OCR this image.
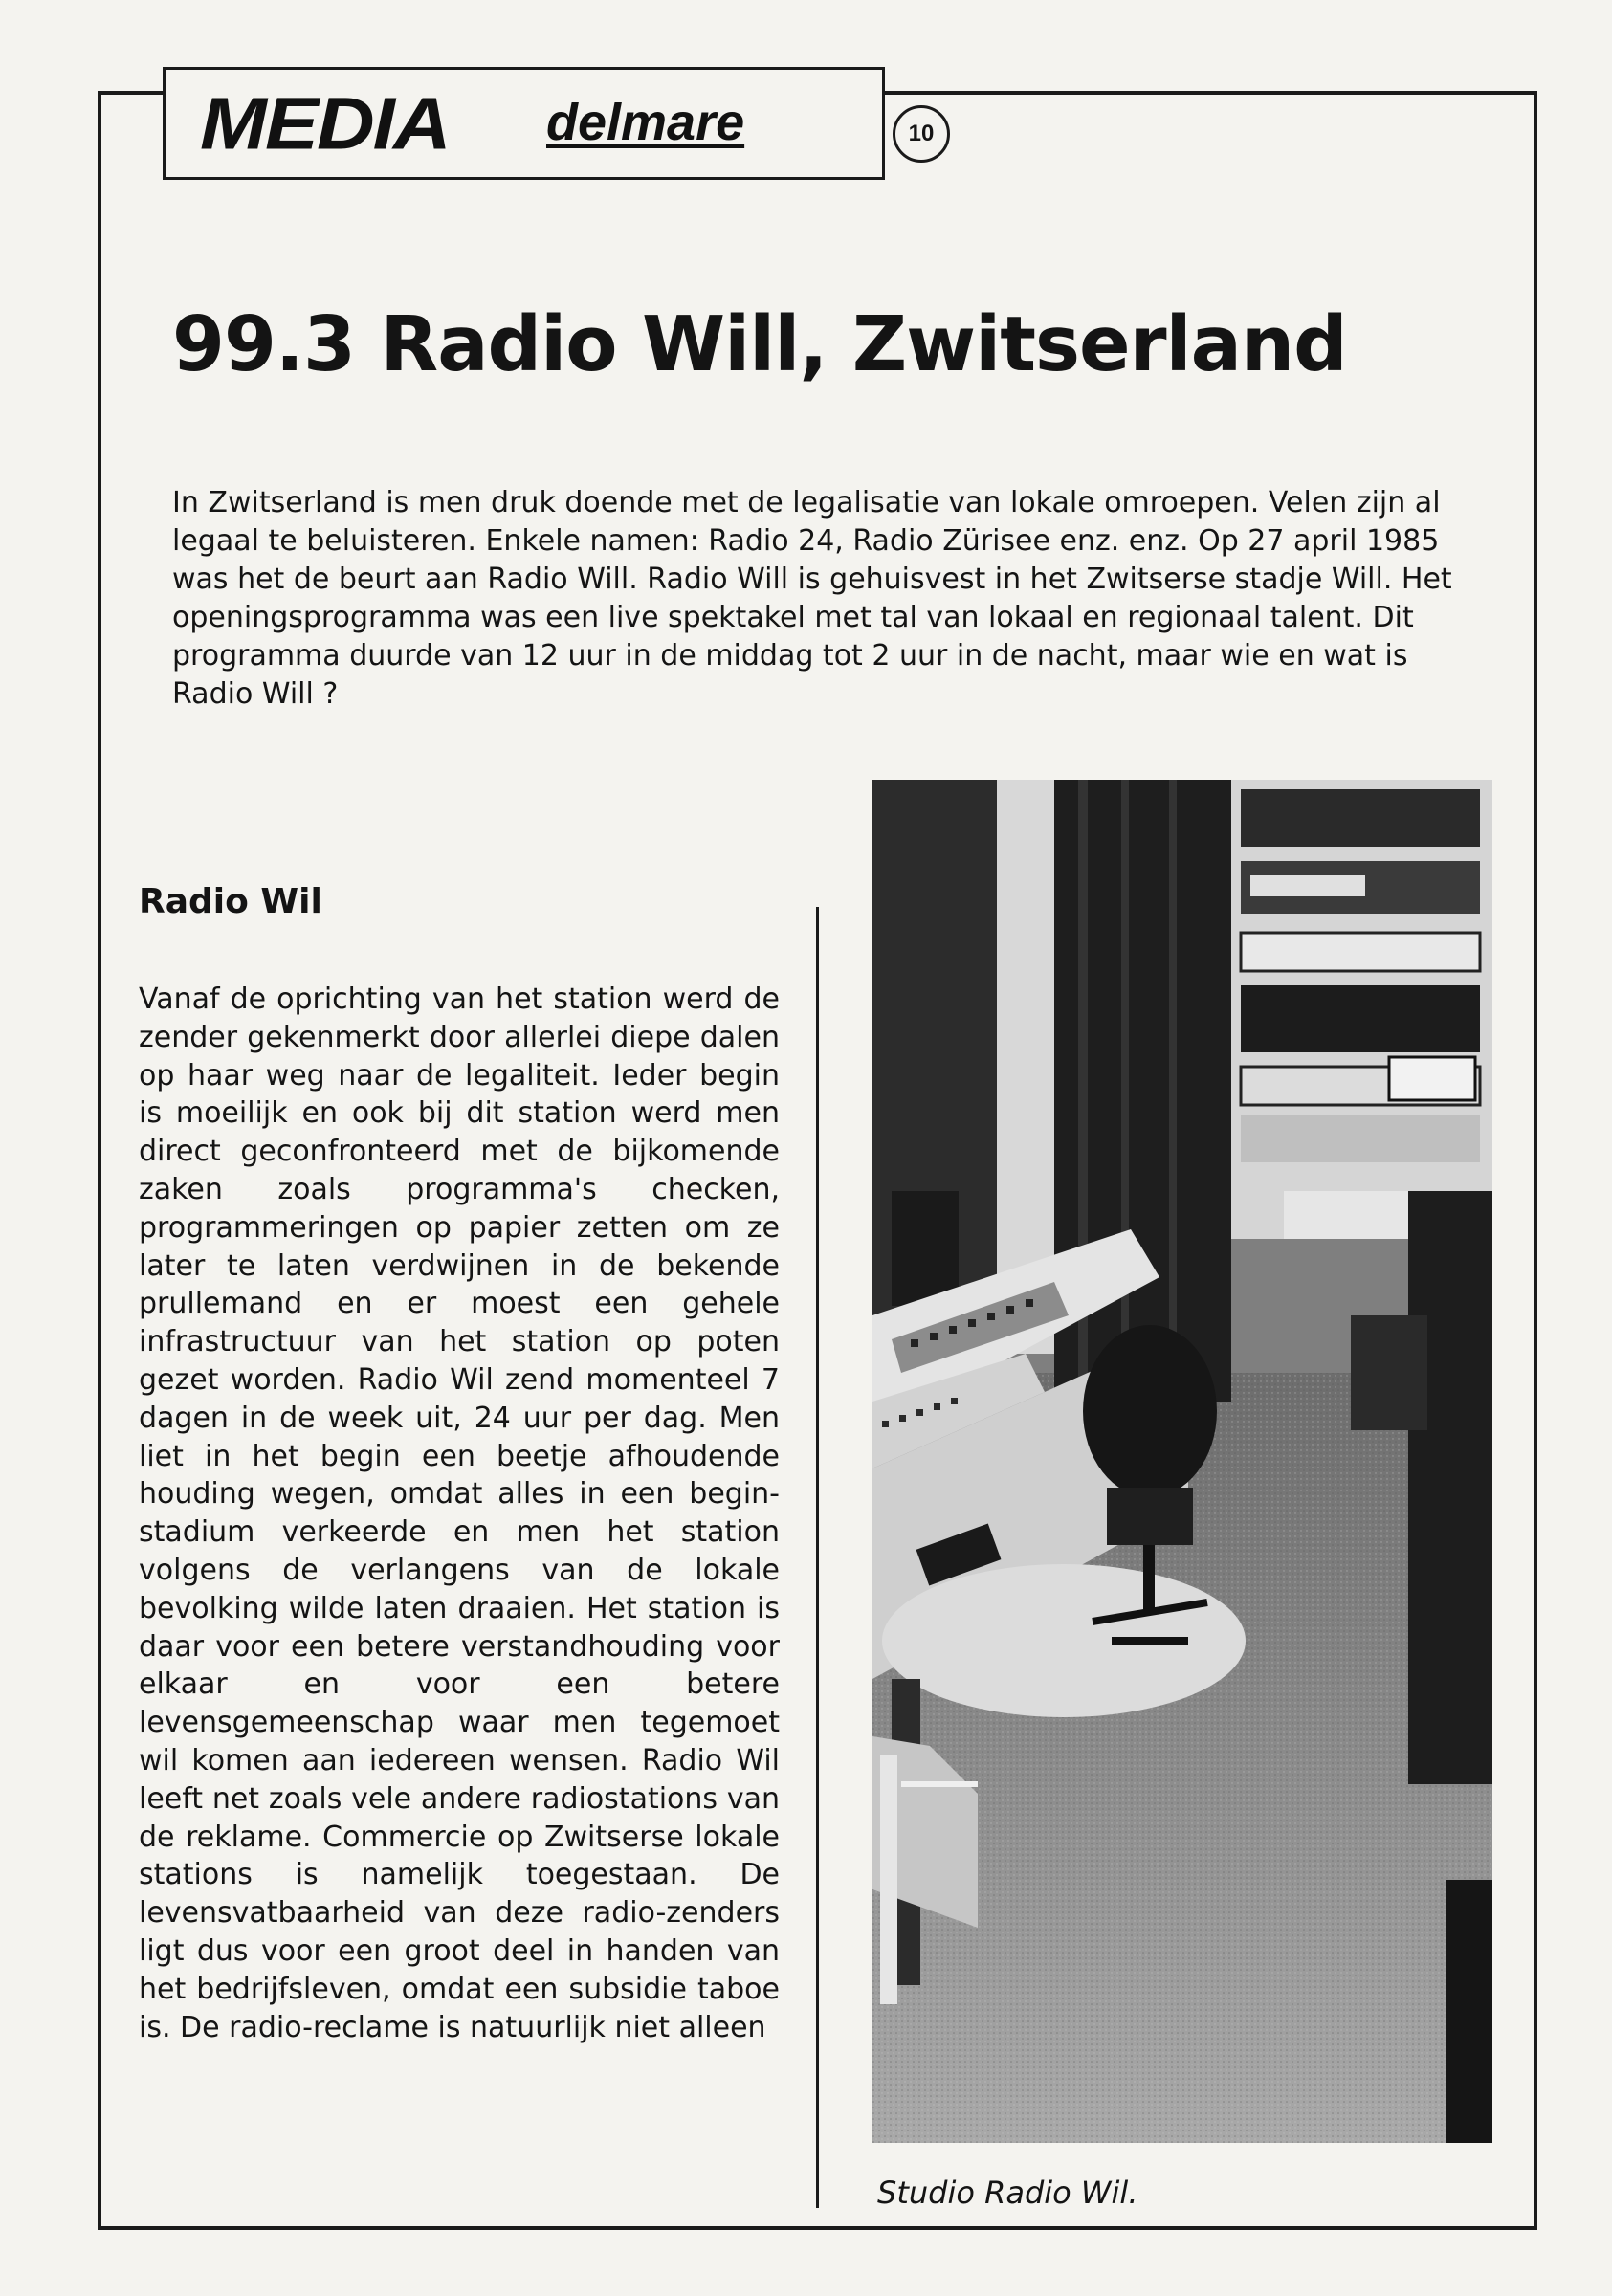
MEDIA delmare	10
99.3 Radio Will, Zwitserland

In Zwitserland is men druk doende met de legalisatie van lokale omroepen. Velen zijn al legaal te beluisteren. Enkele namen: Radio 24, Radio Zürisee enz. enz. Op 27 april 1985 was het de beurt aan Radio Will. Radio Will is gehuisvest in het Zwitserse stadje Will. Het openingsprogramma was een live spektakel met tal van lokaal en regionaal talent. Dit programma duurde van 12 uur in de middag tot 2 uur in de nacht, maar wie en wat is Radio Will ?

Radio Wil

Vanaf de oprichting van het station werd de zender gekenmerkt door allerlei diepe dalen op haar weg naar de legaliteit. Ieder begin is moeilijk en ook bij dit station werd men direct geconfronteerd met de bijkomende zaken zoals programma's checken, programmeringen op papier zetten om ze later te laten verdwijnen in de bekende prullemand en er moest een gehele infrastructuur van het station op poten gezet worden. Radio Wil zend momenteel 7 dagen in de week uit, 24 uur per dag. Men liet in het begin een beetje afhoudende houding wegen, omdat alles in een begin-stadium verkeerde en men het station volgens de verlangens van de lokale bevolking wilde laten draaien. Het station is daar voor een betere verstandhouding voor elkaar en voor een betere levensgemeenschap waar men tegemoet wil komen aan iedereen wensen. Radio Wil leeft net zoals vele andere radiostations van de reklame. Commercie op Zwitserse lokale stations is namelijk toegestaan. De levensvatbaarheid van deze radio-zenders ligt dus voor een groot deel in handen van het bedrijfsleven, omdat een subsidie taboe is. De radio-reclame is natuurlijk niet alleen

Studio Radio Wil.
